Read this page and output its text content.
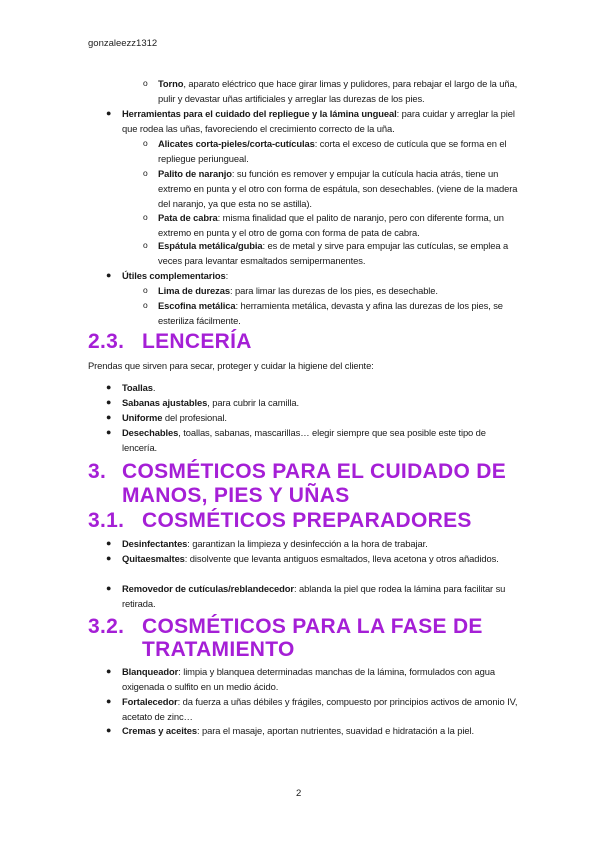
gonzaleezz1312
o Torno, aparato eléctrico que hace girar limas y pulidores, para rebajar el largo de la uña, pulir y devastar uñas artificiales y arreglar las durezas de los pies.
● Herramientas para el cuidado del repliegue y la lámina ungueal: para cuidar y arreglar la piel que rodea las uñas, favoreciendo el crecimiento correcto de la uña.
o Alicates corta-pieles/corta-cutículas: corta el exceso de cutícula que se forma en el repliegue periungueal.
o Palito de naranjo: su función es remover y empujar la cutícula hacia atrás, tiene un extremo en punta y el otro con forma de espátula, son desechables. (viene de la madera del naranjo, ya que esta no se astilla).
o Pata de cabra: misma finalidad que el palito de naranjo, pero con diferente forma, un extremo en punta y el otro de goma con forma de pata de cabra.
o Espátula metálica/gubia: es de metal y sirve para empujar las cutículas, se emplea a veces para levantar esmaltados semipermanentes.
● Útiles complementarios:
o Lima de durezas: para limar las durezas de los pies, es desechable.
o Escofina metálica: herramienta metálica, devasta y afina las durezas de los pies, se esteriliza fácilmente.
2.3. LENCERÍA
Prendas que sirven para secar, proteger y cuidar la higiene del cliente:
● Toallas.
● Sabanas ajustables, para cubrir la camilla.
● Uniforme del profesional.
● Desechables, toallas, sabanas, mascarillas… elegir siempre que sea posible este tipo de lencería.
3. COSMÉTICOS PARA EL CUIDADO DE
MANOS, PIES Y UÑAS
3.1. COSMÉTICOS PREPARADORES
● Desinfectantes: garantizan la limpieza y desinfección a la hora de trabajar.
● Quitaesmaltes: disolvente que levanta antiguos esmaltados, lleva acetona y otros añadidos.
● Removedor de cutículas/reblandecedor: ablanda la piel que rodea la lámina para facilitar su retirada.
3.2. COSMÉTICOS PARA LA FASE DE
TRATAMIENTO
● Blanqueador: limpia y blanquea determinadas manchas de la lámina, formulados con agua oxigenada o sulfito en un medio ácido.
● Fortalecedor: da fuerza a uñas débiles y frágiles, compuesto por principios activos de amonio IV, acetato de zinc…
● Cremas y aceites: para el masaje, aportan nutrientes, suavidad e hidratación a la piel.
2
